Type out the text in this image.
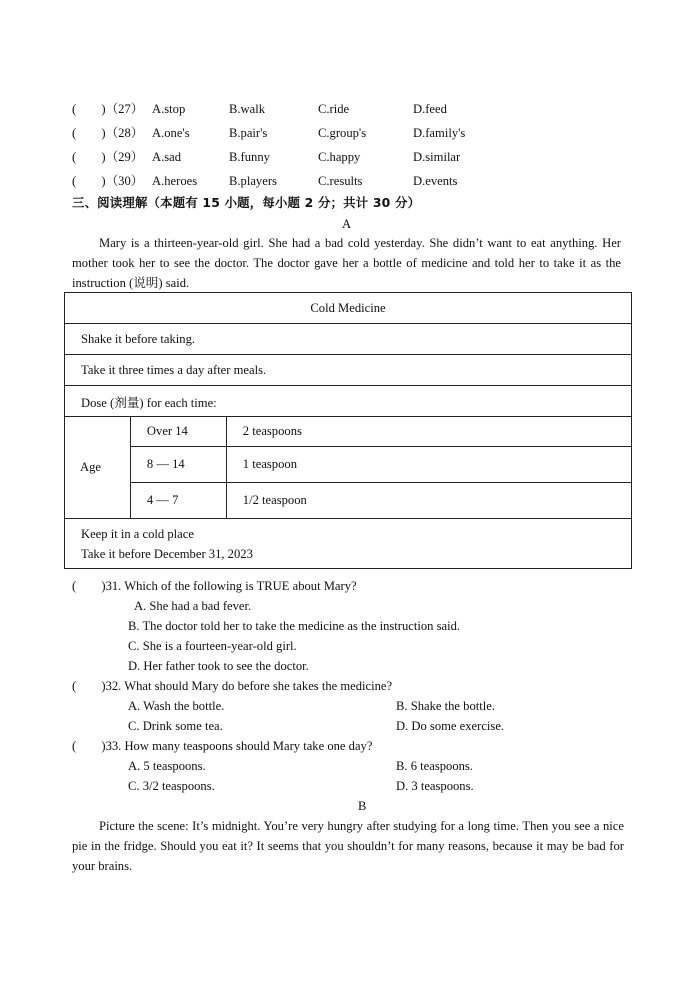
(　　)（27） A.stop	B.walk	C.ride	D.feed
(　　)（28） A.one's	B.pair's	C.group's	D.family's
(　　)（29） A.sad	B.funny	C.happy	D.similar
(　　)（30） A.heroes	B.players	C.results	D.events
三、阅读理解（本题有 15 小题，每小题 2 分；共计 30 分）
A

Mary is a thirteen-year-old girl. She had a bad cold yesterday. She didn’t want to eat anything. Her mother took her to see the doctor. The doctor gave her a bottle of medicine and told her to take it as the instruction (说明) said.

Cold Medicine		
Shake it before taking.		
Take it three times a day after meals.		
Dose (剂量) for each time:		
Age	Over 14	2 teaspoons
	8 — 14	1 teaspoon
	4 — 7	1/2 teaspoon

Keep it in a cold place
Take it before December 31, 2023		
(　　)31. Which of the following is TRUE about Mary?
A. She had a bad fever.
B. The doctor told her to take the medicine as the instruction said.
C. She is a fourteen-year-old girl.
D. Her father took to see the doctor.
(　　)32. What should Mary do before she takes the medicine?
A. Wash the bottle.	B. Shake the bottle.
C. Drink some tea.	D. Do some exercise.
(　　)33. How many teaspoons should Mary take one day?
A. 5 teaspoons.	B. 6 teaspoons.
C. 3/2 teaspoons.	D. 3 teaspoons.
B

Picture the scene: It’s midnight. You’re very hungry after studying for a long time. Then you see a nice pie in the fridge. Should you eat it? It seems that you shouldn’t for many reasons, because it may be bad for your brains.
